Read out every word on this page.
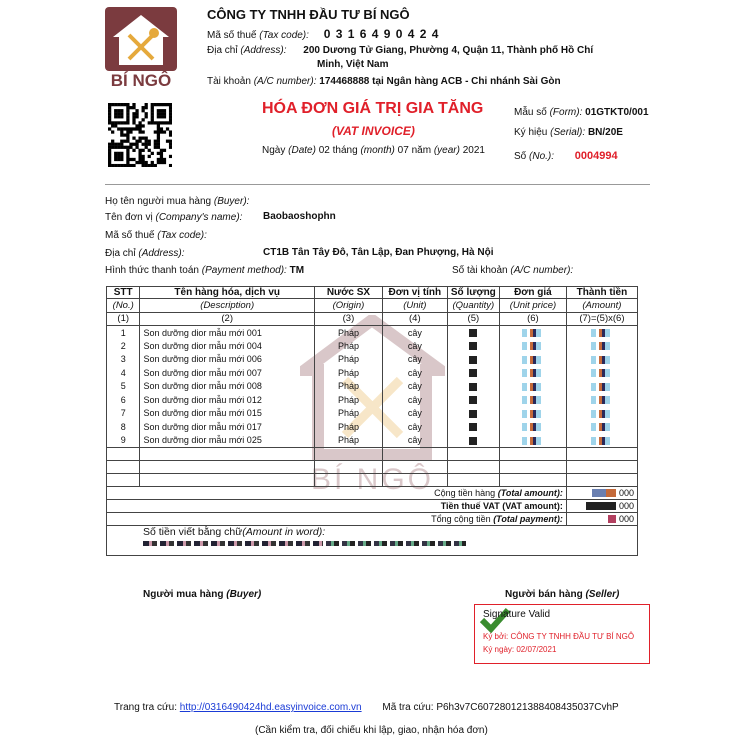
BÍ NGÔ
CÔNG TY TNHH ĐẦU TƯ BÍ NGÔ
Mã số thuế (Tax code): 0 3 1 6 4 9 0 4 2 4
Địa chỉ (Address): 200 Dương Tử Giang, Phường 4, Quận 11, Thành phố Hồ Chí
Minh, Việt Nam
Tài khoản (A/C number): 174468888 tại Ngân hàng ACB - Chi nhánh Sài Gòn
HÓA ĐƠN GIÁ TRỊ GIA TĂNG
(VAT INVOICE)
Ngày (Date) 02 tháng (month) 07 năm (year) 2021
Mẫu số (Form): 01GTKT0/001
Ký hiệu (Serial): BN/20E
Số (No.): 0004994
Họ tên người mua hàng (Buyer):
Tên đơn vị (Company's name): Baobaoshophn
Mã số thuế (Tax code):
Địa chỉ (Address):	CT1B Tân Tây Đô, Tân Lập, Đan Phượng, Hà Nội
Hình thức thanh toán (Payment method): TM	Số tài khoản (A/C number):
BÍ NGÔ
STT	Tên hàng hóa, dịch vụ	Nước SX	Đơn vị tính	Số lượng	Đơn giá	Thành tiền
(No.)	(Description)	(Origin)	(Unit)	(Quantity)	(Unit price)	(Amount)
(1)	(2)	(3)	(4)	(5)	(6)	(7)=(5)x(6)
1	Son dưỡng dior mẫu mới 001	Pháp	cây			
2	Son dưỡng dior mẫu mới 004	Pháp	cây			
3	Son dưỡng dior mẫu mới 006	Pháp	cây			
4	Son dưỡng dior mẫu mới 007	Pháp	cây			
5	Son dưỡng dior mẫu mới 008	Pháp	cây			
6	Son dưỡng dior mẫu mới 012	Pháp	cây			
7	Son dưỡng dior mẫu mới 015	Pháp	cây			
8	Son dưỡng dior mẫu mới 017	Pháp	cây			
9	Son dưỡng dior mẫu mới 025	Pháp	cây			

Cộng tiền hàng (Total amount):						000
Tiền thuế VAT (VAT amount):						000
Tổng cộng tiền (Total payment):						000
Số tiền viết bằng chữ(Amount in word):						

Người mua hàng (Buyer)	Người bán hàng (Seller)
Signature Valid
Ký bởi: CÔNG TY TNHH ĐẦU TƯ BÍ NGÔ
Ký ngày: 02/07/2021
Trang tra cứu: http://0316490424hd.easyinvoice.com.vn Mã tra cứu: P6h3v7C60728012138840843​5037CvhP
(Cần kiểm tra, đối chiếu khi lập, giao, nhận hóa đơn)
